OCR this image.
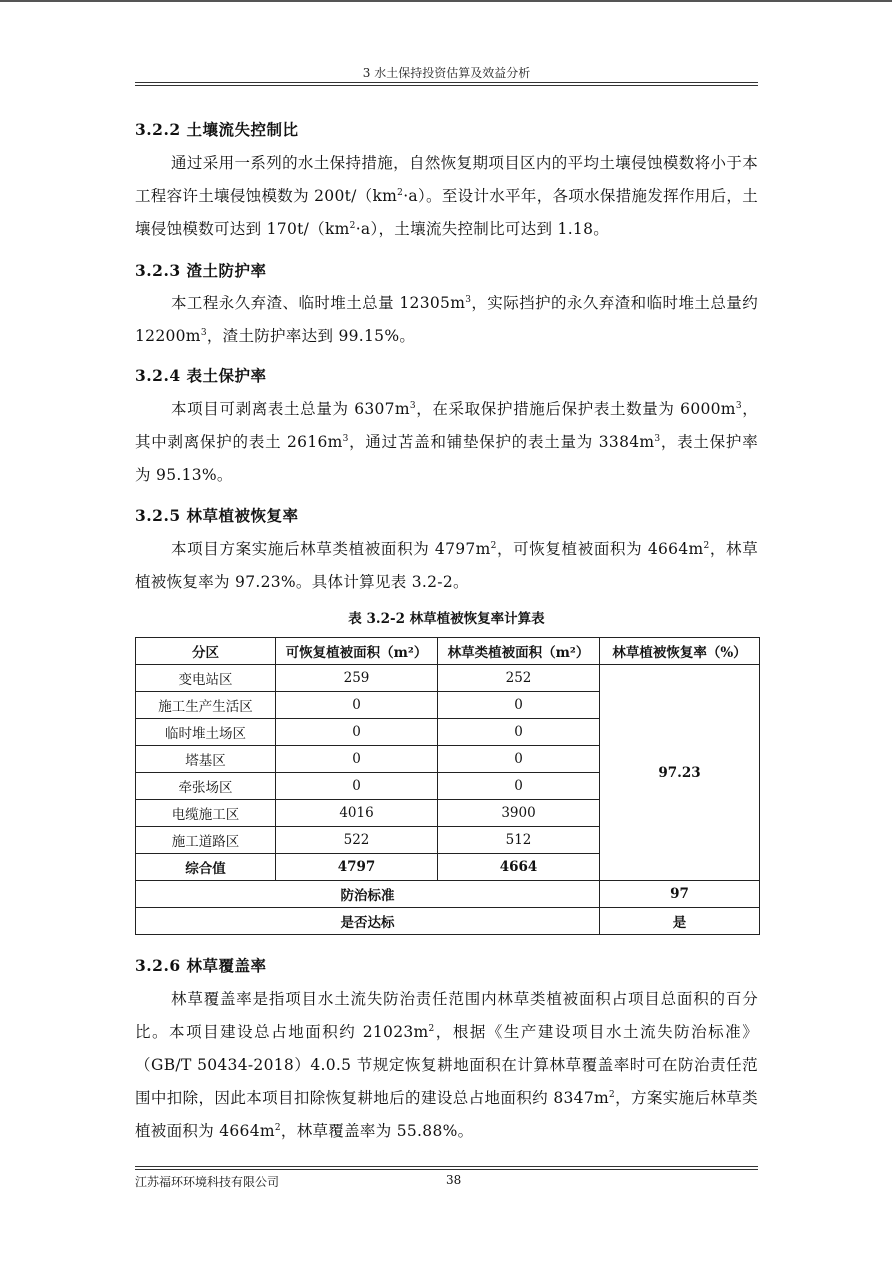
3 水土保持投资估算及效益分析
3.2.2 土壤流失控制比

通过采用一系列的水土保持措施，自然恢复期项目区内的平均土壤侵蚀模数将小于本工程容许土壤侵蚀模数为 $200t/(km^2\cdot a)$。至设计水平年，各项水保措施发挥作用后，土壤侵蚀模数可达到 $170t/(km^2\cdot a)$，土壤流失控制比可达到 1.18。

3.2.3 渣土防护率

本工程永久弃渣、临时堆土总量 $12305m^3$，实际挡护的永久弃渣和临时堆土总量约 $12200m^3$，渣土防护率达到 99.15%。

3.2.4 表土保护率

本项目可剥离表土总量为 $6307m^3$，在采取保护措施后保护表土数量为 $6000m^3$，其中剥离保护的表土 $2616m^3$，通过苫盖和铺垫保护的表土量为 $3384m^3$，表土保护率为 95.13%。

3.2.5 林草植被恢复率

本项目方案实施后林草类植被面积为 $4797m^2$，可恢复植被面积为 $4664m^2$，林草植被恢复率为 97.23%。具体计算见表 3.2-2。

表 3.2-2 林草植被恢复率计算表
分区	可恢复植被面积（m²）	林草类植被面积（m²）	林草植被恢复率（%）
变电站区	259	252	97.23
施工生产生活区	0	0	
临时堆土场区	0	0	
塔基区	0	0	
牵张场区	0	0	
电缆施工区	4016	3900	
施工道路区	522	512	
综合值	4797	4664	
防治标准			97
是否达标			是
3.2.6 林草覆盖率

林草覆盖率是指项目水土流失防治责任范围内林草类植被面积占项目总面积的百分比。本项目建设总占地面积约 $21023m^2$，根据《生产建设项目水土流失防治标准》（GB/T 50434-2018）4.0.5 节规定恢复耕地面积在计算林草覆盖率时可在防治责任范围中扣除，因此本项目扣除恢复耕地后的建设总占地面积约 $8347m^2$，方案实施后林草类植被面积为 $4664m^2$，林草覆盖率为 55.88%。

江苏福环环境科技有限公司	38
